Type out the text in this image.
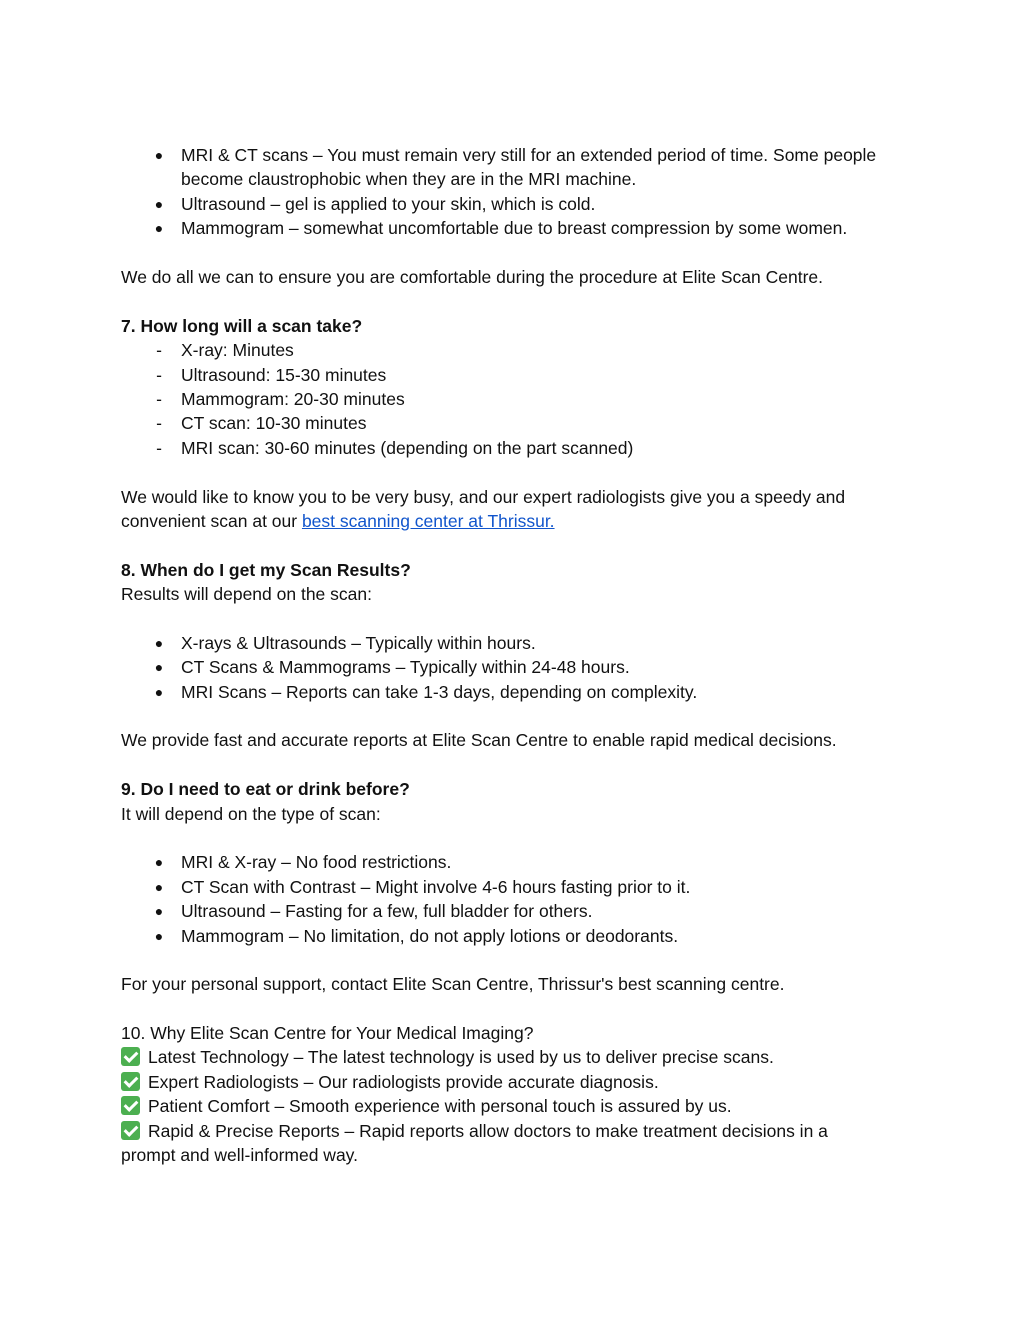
●	MRI & CT scans – You must remain very still for an extended period of time. Some people become claustrophobic when they are in the MRI machine.
●	Ultrasound – gel is applied to your skin, which is cold.
●	Mammogram – somewhat uncomfortable due to breast compression by some women.
We do all we can to ensure you are comfortable during the procedure at Elite Scan Centre.
7. How long will a scan take?
-	X-ray: Minutes
-	Ultrasound: 15-30 minutes
-	Mammogram: 20-30 minutes
-	CT scan: 10-30 minutes
-	MRI scan: 30-60 minutes (depending on the part scanned)
We would like to know you to be very busy, and our expert radiologists give you a speedy and
convenient scan at our best scanning center at Thrissur.
8. When do I get my Scan Results?
Results will depend on the scan:
●	X-rays & Ultrasounds – Typically within hours.
●	CT Scans & Mammograms – Typically within 24-48 hours.
●	MRI Scans – Reports can take 1-3 days, depending on complexity.
We provide fast and accurate reports at Elite Scan Centre to enable rapid medical decisions.
9. Do I need to eat or drink before?
It will depend on the type of scan:
●	MRI & X-ray – No food restrictions.
●	CT Scan with Contrast – Might involve 4-6 hours fasting prior to it.
●	Ultrasound – Fasting for a few, full bladder for others.
●	Mammogram – No limitation, do not apply lotions or deodorants.
For your personal support, contact Elite Scan Centre, Thrissur's best scanning centre.
10. Why Elite Scan Centre for Your Medical Imaging?
Latest Technology – The latest technology is used by us to deliver precise scans.
Expert Radiologists – Our radiologists provide accurate diagnosis.
Patient Comfort – Smooth experience with personal touch is assured by us.
Rapid & Precise Reports – Rapid reports allow doctors to make treatment decisions in a
prompt and well-informed way.
